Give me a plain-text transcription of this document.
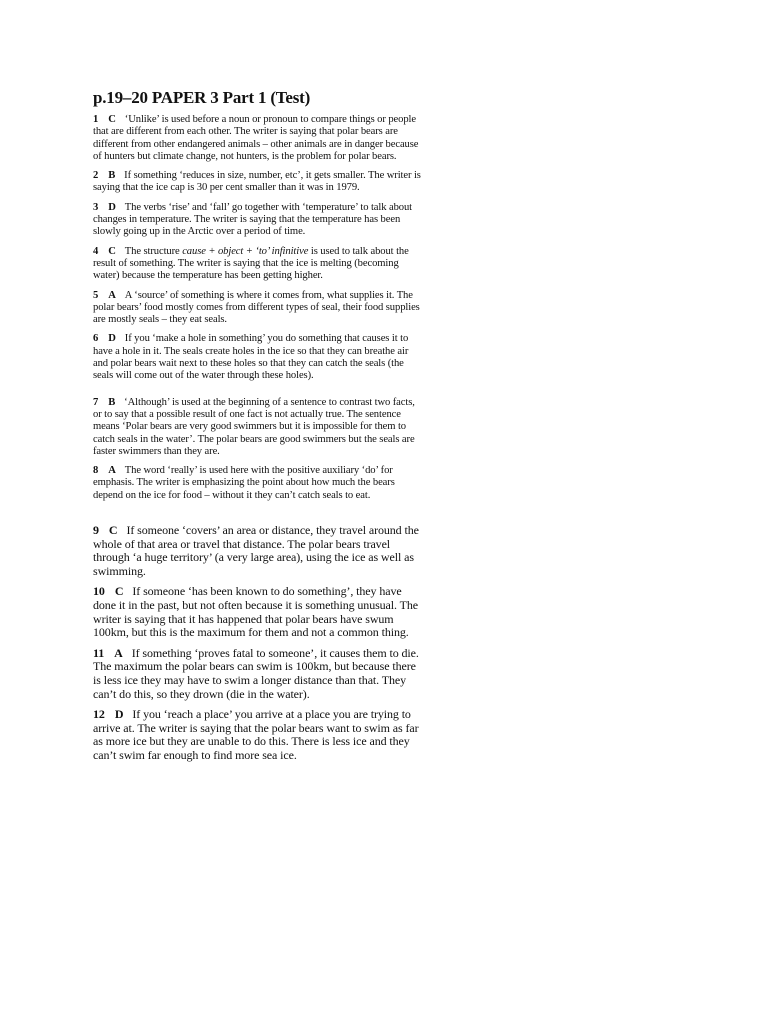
p.19–20 PAPER 3 Part 1 (Test)

1 C ‘Unlike’ is used before a noun or pronoun to compare things or people that are different from each other. The writer is saying that polar bears are different from other endangered animals – other animals are in danger because of hunters but climate change, not hunters, is the problem for polar bears.

2 B If something ‘reduces in size, number, etc’, it gets smaller. The writer is saying that the ice cap is 30 per cent smaller than it was in 1979.

3 D The verbs ‘rise’ and ‘fall’ go together with ‘temperature’ to talk about changes in temperature. The writer is saying that the temperature has been slowly going up in the Arctic over a period of time.

4 C The structure cause + object + ‘to’ infinitive is used to talk about the result of something. The writer is saying that the ice is melting (becoming water) because the temperature has been getting higher.

5 A A ‘source’ of something is where it comes from, what supplies it. The polar bears’ food mostly comes from different types of seal, their food supplies are mostly seals – they eat seals.

6 D If you ‘make a hole in something’ you do something that causes it to have a hole in it. The seals create holes in the ice so that they can breathe air and polar bears wait next to these holes so that they can catch the seals (the seals will come out of the water through these holes).

7 B ‘Although’ is used at the beginning of a sentence to contrast two facts, or to say that a possible result of one fact is not actually true. The sentence means ‘Polar bears are very good swimmers but it is impossible for them to catch seals in the water’. The polar bears are good swimmers but the seals are faster swimmers than they are.

8 A The word ‘really’ is used here with the positive auxiliary ‘do’ for emphasis. The writer is emphasizing the point about how much the bears depend on the ice for food – without it they can’t catch seals to eat.

9 C If someone ‘covers’ an area or distance, they travel around the whole of that area or travel that distance. The polar bears travel through ‘a huge territory’ (a very large area), using the ice as well as swimming.

10 C If someone ‘has been known to do something’, they have done it in the past, but not often because it is something unusual. The writer is saying that it has happened that polar bears have swum 100km, but this is the maximum for them and not a common thing.

11 A If something ‘proves fatal to someone’, it causes them to die. The maximum the polar bears can swim is 100km, but because there is less ice they may have to swim a longer distance than that. They can’t do this, so they drown (die in the water).

12 D If you ‘reach a place’ you arrive at a place you are trying to arrive at. The writer is saying that the polar bears want to swim as far as more ice but they are unable to do this. There is less ice and they can’t swim far enough to find more sea ice.
